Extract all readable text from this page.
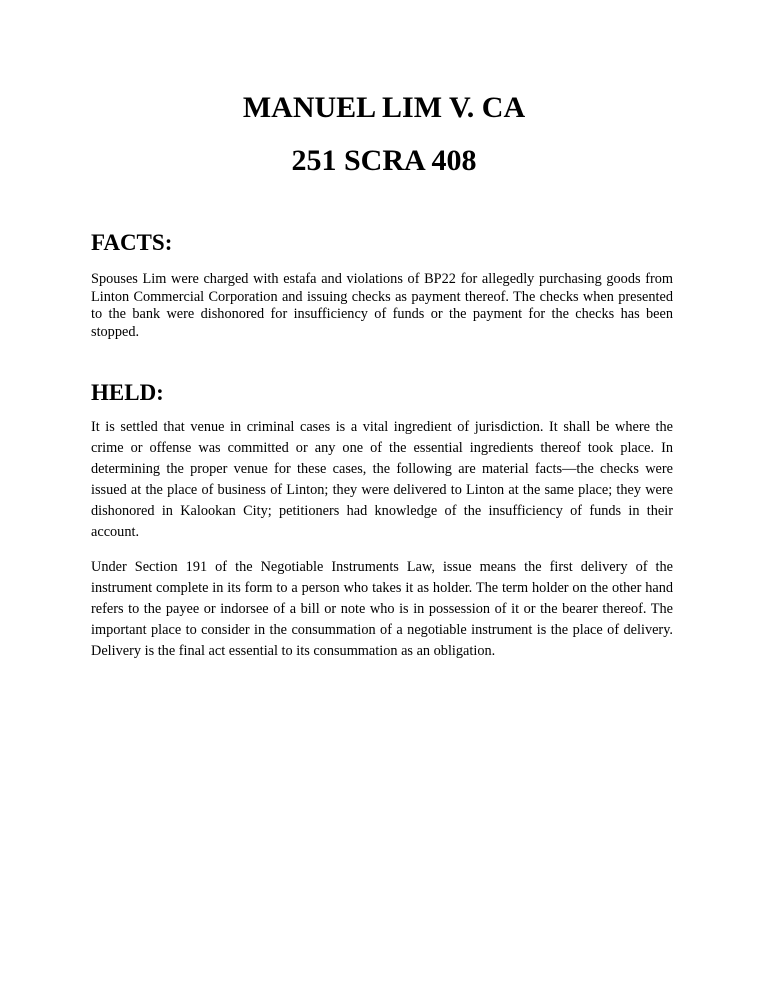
MANUEL LIM V. CA
251 SCRA 408
FACTS:

Spouses Lim were charged with estafa and violations of BP22 for allegedly purchasing goods from Linton Commercial Corporation and issuing checks as payment thereof. The checks when presented to the bank were dishonored for insufficiency of funds or the payment for the checks has been stopped.

HELD:

It is settled that venue in criminal cases is a vital ingredient of jurisdiction. It shall be where the crime or offense was committed or any one of the essential ingredients thereof took place. In determining the proper venue for these cases, the following are material facts—the checks were issued at the place of business of Linton; they were delivered to Linton at the same place; they were dishonored in Kalookan City; petitioners had knowledge of the insufficiency of funds in their account.

Under Section 191 of the Negotiable Instruments Law, issue means the first delivery of the instrument complete in its form to a person who takes it as holder. The term holder on the other hand refers to the payee or indorsee of a bill or note who is in possession of it or the bearer thereof. The important place to consider in the consummation of a negotiable instrument is the place of delivery. Delivery is the final act essential to its consummation as an obligation.
